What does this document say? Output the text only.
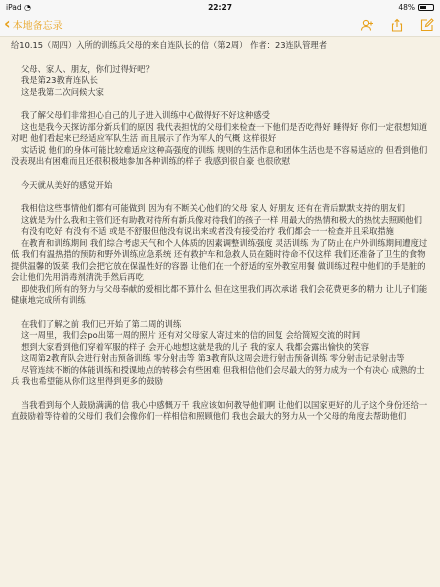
iPad ◔	22:27	48%
‹ 本地备忘录

给10.15（周四）入所的训练兵父母的来自连队长的信（第2周） 作者：23连队管理者

父母、家人、朋友，你们过得好吧？

我是第23教育连队长

这是我第二次问候大家

我了解父母们非常担心自己的儿子进入训练中心做得好不好这种感受

这也是我今天探访部分新兵们的原因 我代表担忧的父母们来检查一下他们是否吃得好 睡得好 你们一定很想知道 对吧 他们看起来已经适应军队生活 而且展示了作为军人的气概 这样很好

实话说 他们的身体可能比较难适应这种高强度的训练 规则的生活作息和团体生活也是不容易适应的 但看到他们没表现出有困难而且还很积极地参加各种训练的样子 我感到很自豪 也很欣慰

今天就从美好的感觉开始

我相信这些事情他们都有可能做到 因为有不断关心他们的父母 家人 好朋友 还有在背后默默支持的朋友们

这就是为什么我和主管们还有助教对待所有新兵像对待我们的孩子一样 用最大的热情和极大的热忱去照顾他们

有没有吃好 有没有不适 或是不舒服但他没有说出来或者没有接受治疗 我们都会一一检查并且采取措施

在教育和训练期间 我们综合考虑天气和个人体质的因素调整训练强度 灵活训练 为了防止在户外训练期间遭度过低 我们有温热措的预防和野外训练应急系统 还有救护车和急救人员在随时待命不仅这样 我们还准备了卫生的食物 提供温馨的饭菜 我们会把它放在保温性好的容器 让他们在一个舒适的室外教室用餐 做训练过程中他们的手是脏的 会让他们先用消毒剂清洗手然后再吃

即使我们所有的努力与父母奉献的爱相比都不算什么 但在这里我们再次承诺 我们会花费更多的精力 让儿子们能健康地完成所有训练

在我们了解之前 我们已开始了第二周的训练

这一周里，我们会po出第一周的照片 还有对父母家人寄过来的信的回复 会给简短交流的时间

想到大家看到他们穿着军服的样子 会开心地想这就是我的儿子 我的家人 我都会露出愉快的笑容

这周第2教育队会进行射击预备训练 零分射击等 第3教育队这周会进行射击预备训练 零分射击记录射击等

尽管连续不断的体能训练和授课地点的转移会有些困难 但我相信他们会尽最大的努力成为一个有决心 成熟的士兵 我也希望能从你们这里得到更多的鼓励

当我看到每个人鼓励满满的信 我心中感慨万千 我应该如何教导他们啊 让他们以国家更好的儿子这个身份还给一直鼓励着等待着的父母们 我们会像你们一样相信和照顾他们 我也会最大的努力从一个父母的角度去帮助他们
